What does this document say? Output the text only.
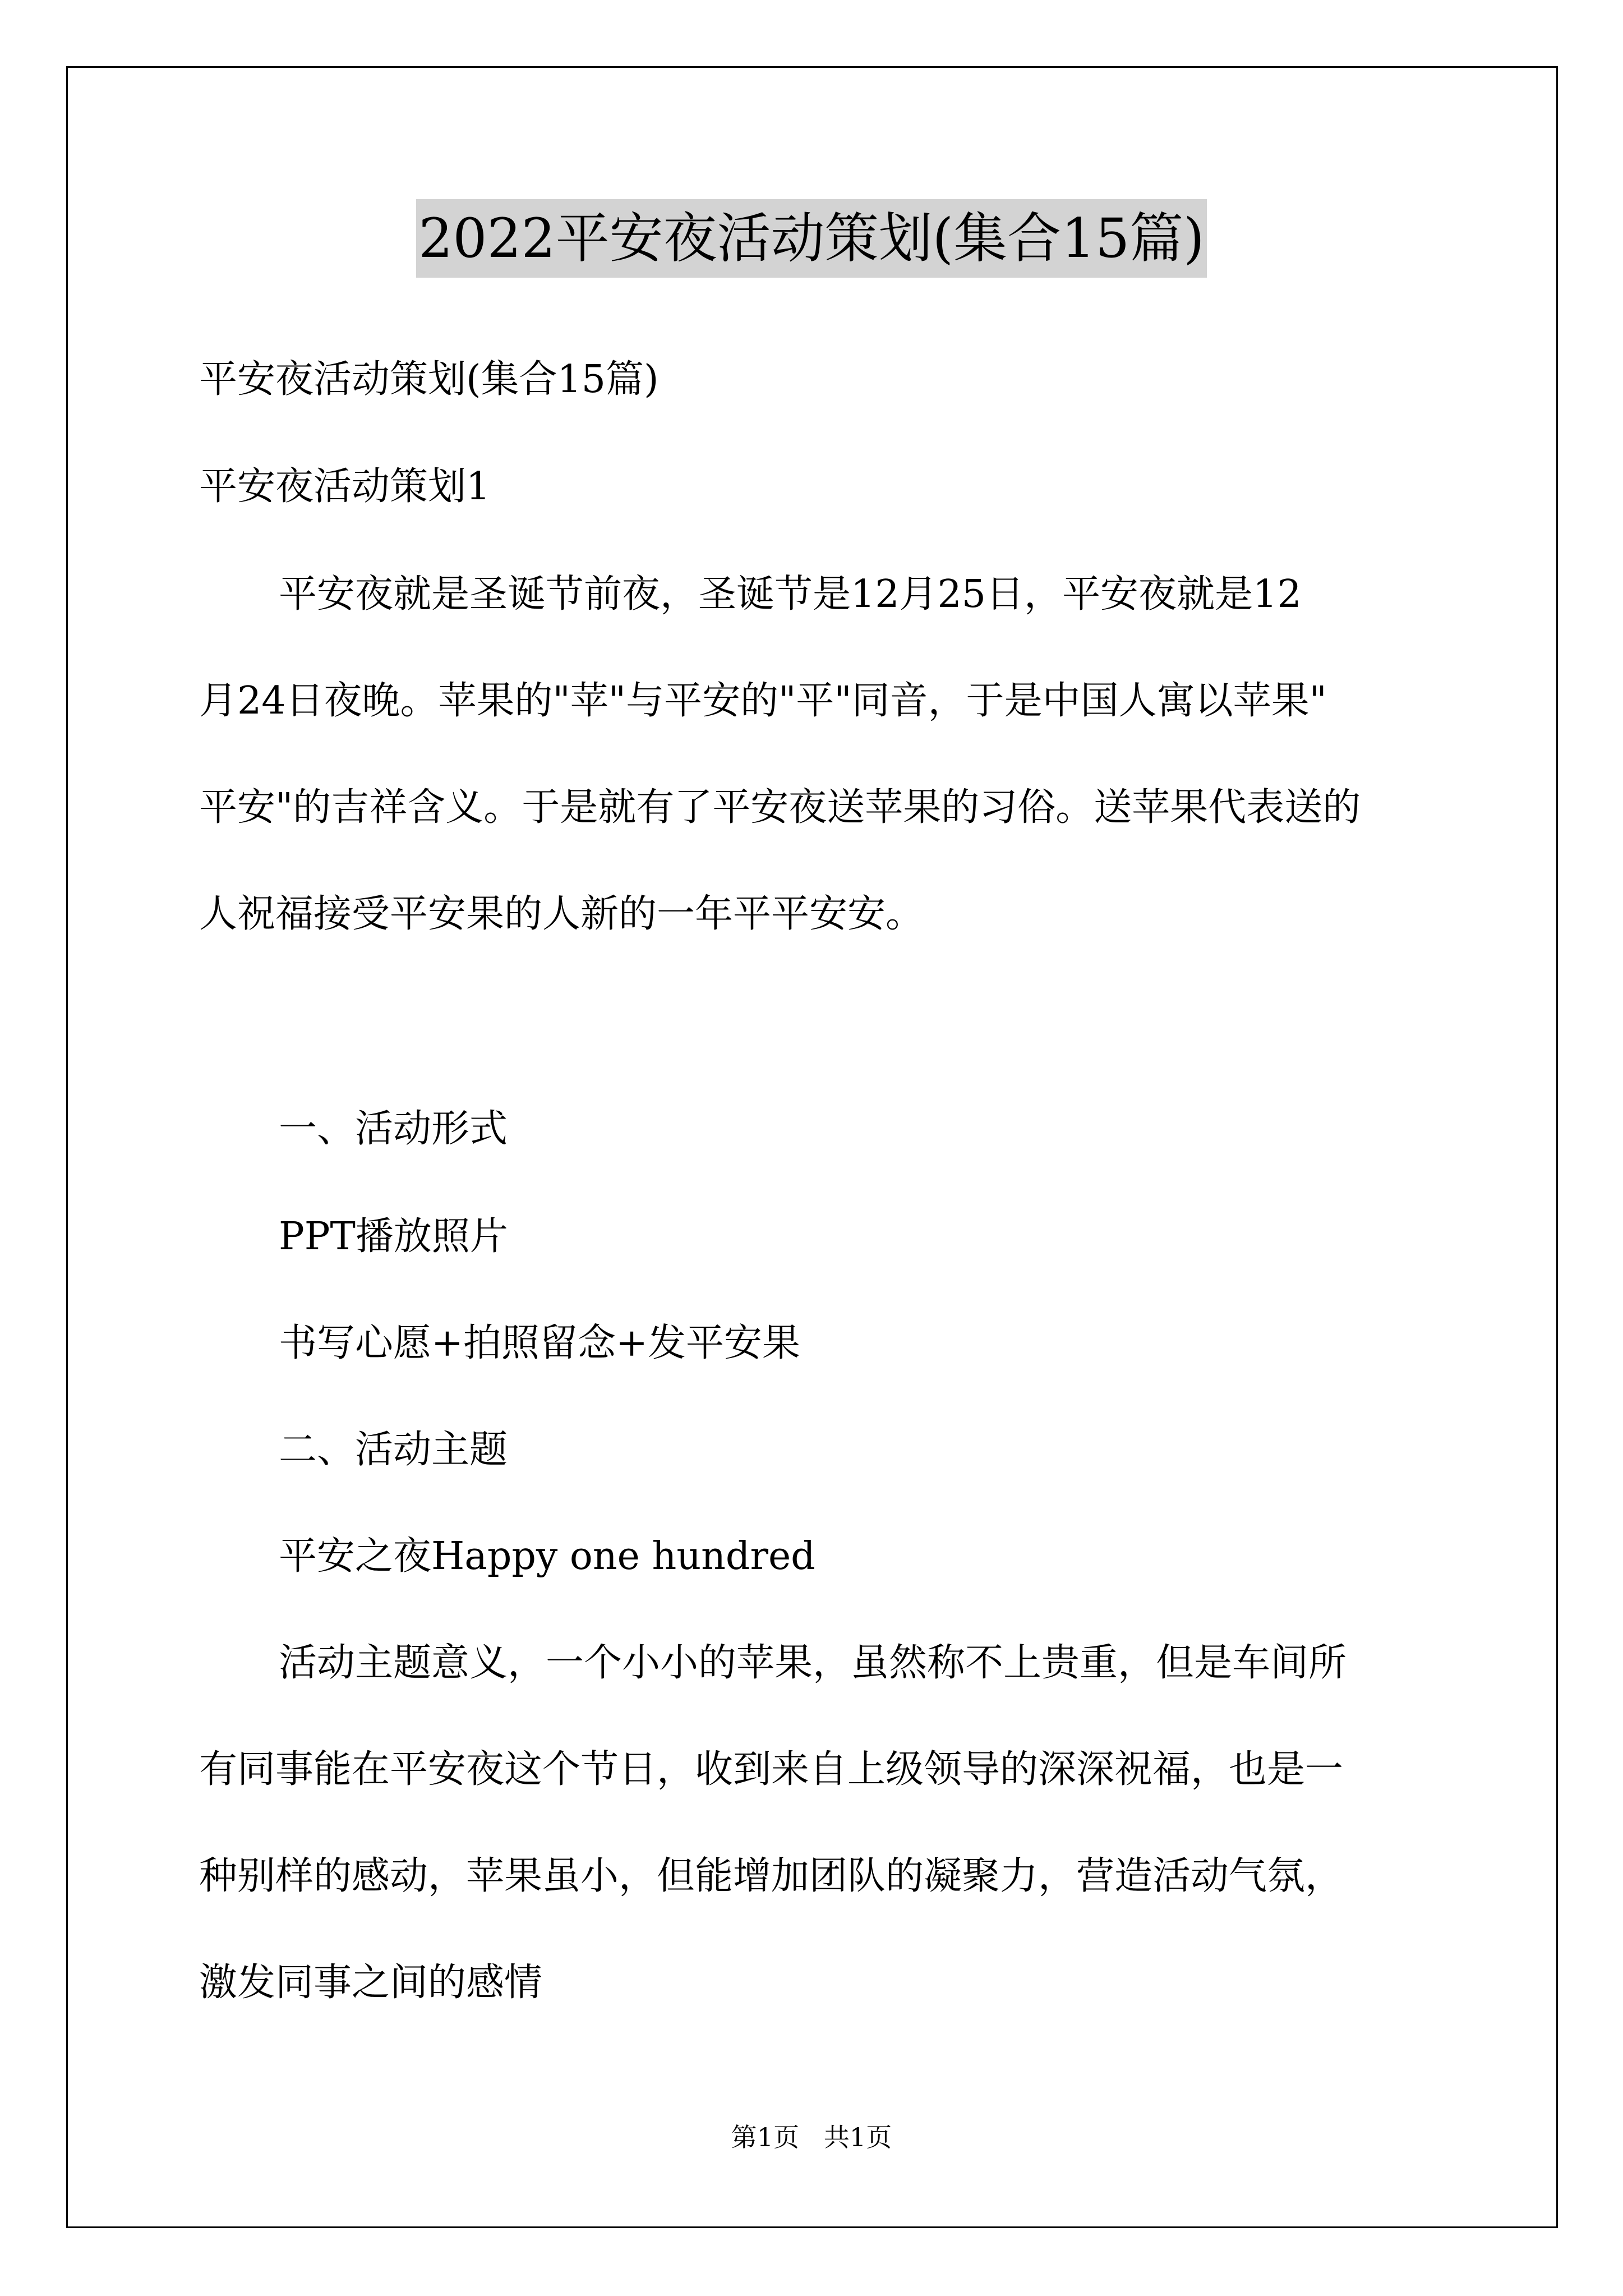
2022平安夜活动策划(集合15篇)
平安夜活动策划(集合15篇)
平安夜活动策划1
平安夜就是圣诞节前夜，圣诞节是12月25日，平安夜就是12
月24日夜晚。苹果的"苹"与平安的"平"同音，于是中国人寓以苹果"
平安"的吉祥含义。于是就有了平安夜送苹果的习俗。送苹果代表送的
人祝福接受平安果的人新的一年平平安安。
一、活动形式
PPT播放照片
书写心愿+拍照留念+发平安果
二、活动主题
平安之夜Happy one hundred
活动主题意义，一个小小的苹果，虽然称不上贵重，但是车间所
有同事能在平安夜这个节日，收到来自上级领导的深深祝福，也是一
种别样的感动，苹果虽小，但能增加团队的凝聚力，营造活动气氛，
激发同事之间的感情
第1页   共1页
